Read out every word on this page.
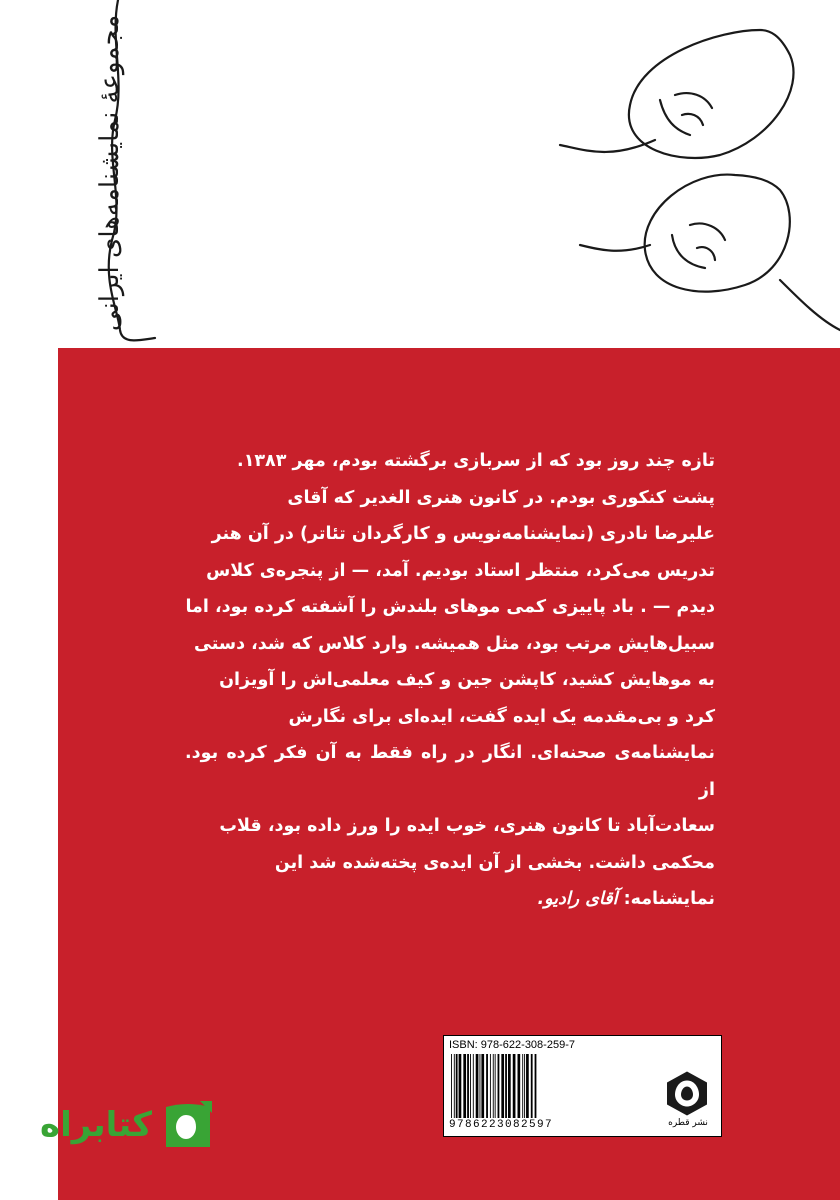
مجموعهٔ نمایشنامه‌های ایرانی

تازه چند روز بود که از سربازی برگشته بودم، مهر ۱۳۸۳.

پشت کنکوری بودم. در کانون هنری الغدیر که آقای

علیرضا نادری (نمایشنامه‌نویس و کارگردان تئاتر) در آن هنر

تدریس می‌کرد، منتظر استاد بودیم. آمد، — از پنجره‌ی کلاس

دیدم — . باد پاییزی کمی موهای بلندش را آشفته کرده بود، اما

سبیل‌هایش مرتب بود، مثل همیشه. وارد کلاس که شد، دستی

به موهایش کشید، کاپشن جین و کیف معلمی‌اش را آویزان

کرد و بی‌مقدمه یک ایده گفت، ایده‌ای برای نگارش

نمایشنامه‌ی صحنه‌ای. انگار در راه فقط به آن فکر کرده بود. از

سعادت‌آباد تا کانون هنری، خوب ایده را ورز داده بود، قلاب

محکمی داشت. بخشی از آن ایده‌ی پخته‌شده شد این

نمایشنامه: آقای رادیو.

ISBN: 978-622-308-259-7
9786223082597	نشر قطره
کتابراه
